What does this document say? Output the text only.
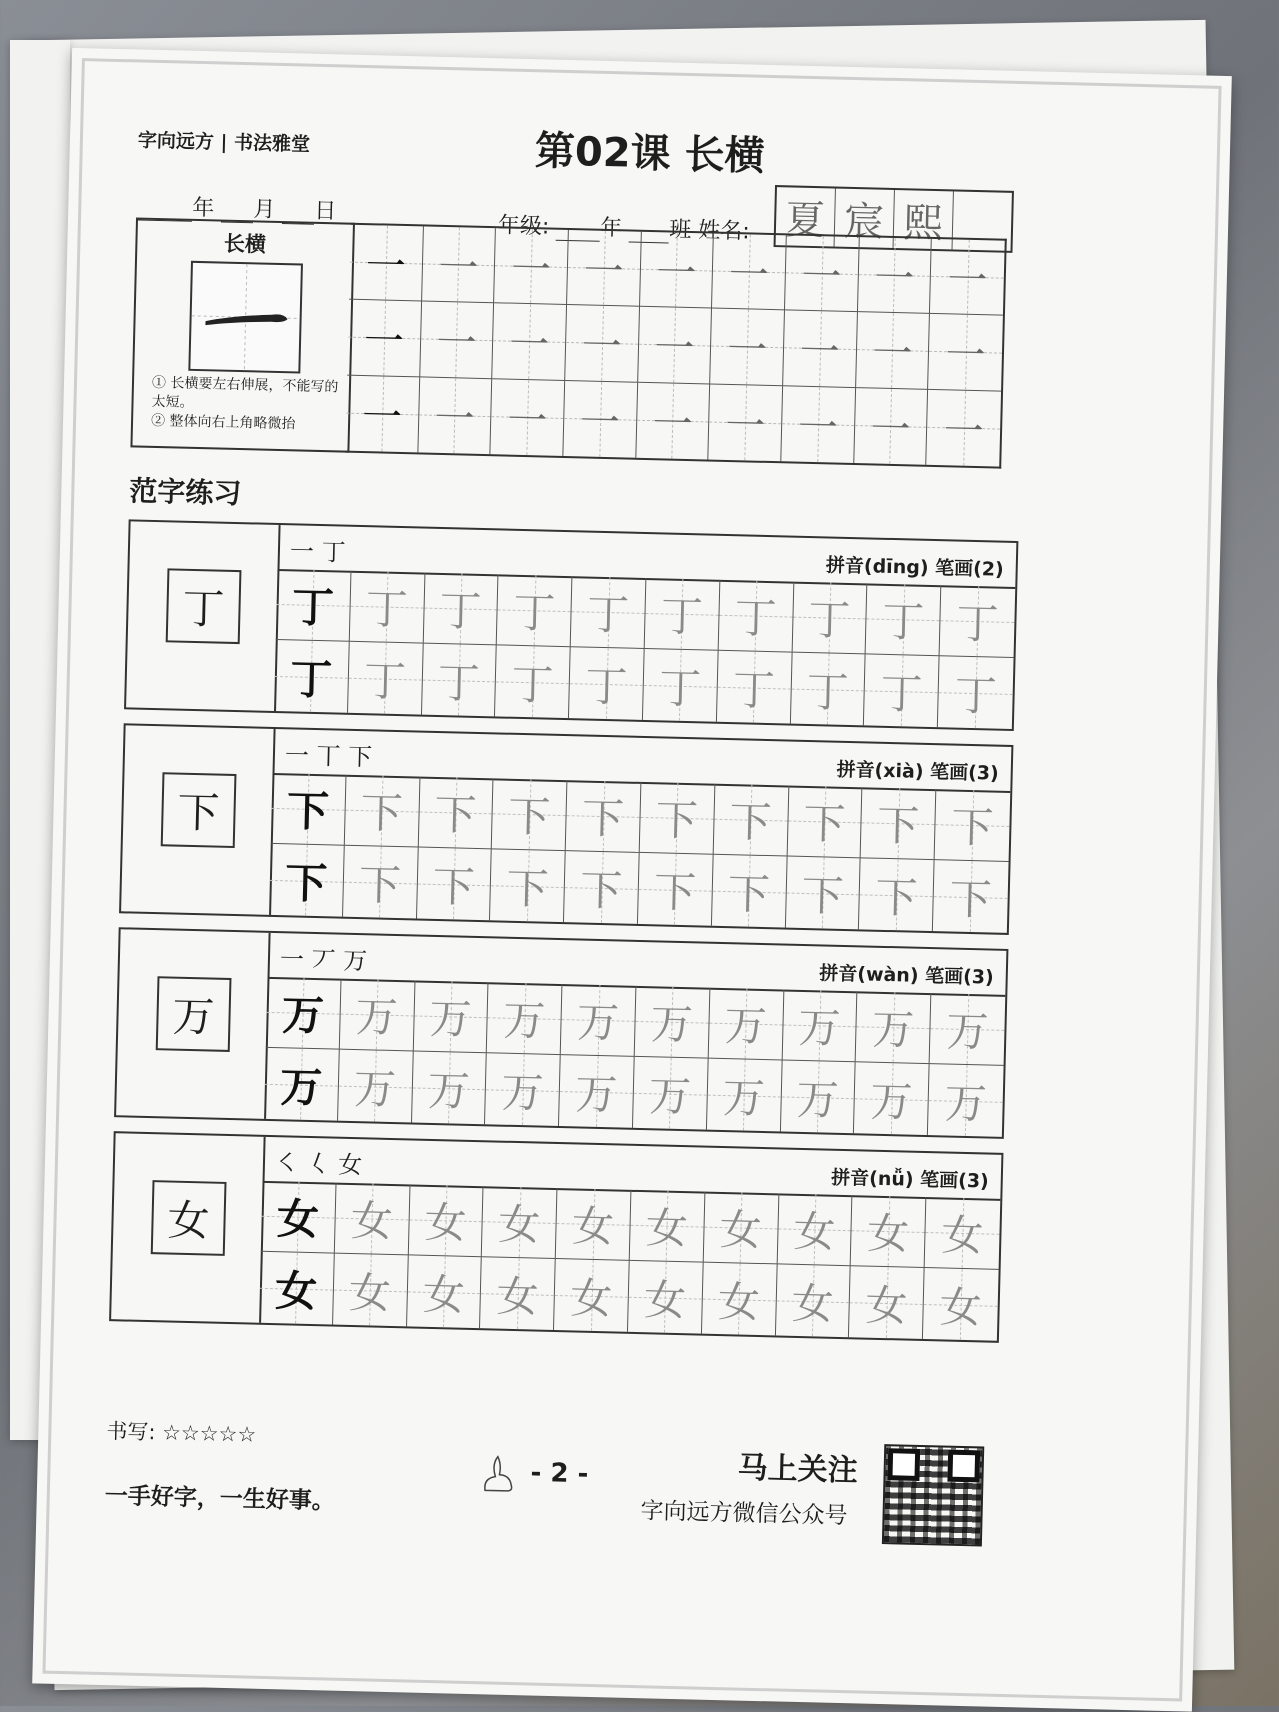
字向远方 | 书法雅堂	第02课 长横
年 月 日
年级: 年 班 姓名: 夏 宸 熙
长横
① 长横要左右伸展，不能写的太短。
② 整体向右上角略微抬
一 一 一 一 一 一 一 一 一
一 一 一 一 一 一 一 一 一
一 一 一 一 一 一 一 一 一
范字练习
丁
一 丁
拼音(dīng) 笔画(2)
丁 丁 丁 丁 丁 丁 丁 丁 丁 丁
丁 丁 丁 丁 丁 丁 丁 丁 丁 丁
下
一 丅 下
拼音(xià) 笔画(3)
下 下 下 下 下 下 下 下 下 下
下 下 下 下 下 下 下 下 下 下
万
一 丆 万
拼音(wàn) 笔画(3)
万 万 万 万 万 万 万 万 万 万
万 万 万 万 万 万 万 万 万 万
女
㇛ 𡿨 女
拼音(nǚ) 笔画(3)
女 女 女 女 女 女 女 女 女 女
女 女 女 女 女 女 女 女 女 女
书写: ☆☆☆☆☆
一手好字，一生好事。
- 2 -	马上关注
字向远方微信公众号
